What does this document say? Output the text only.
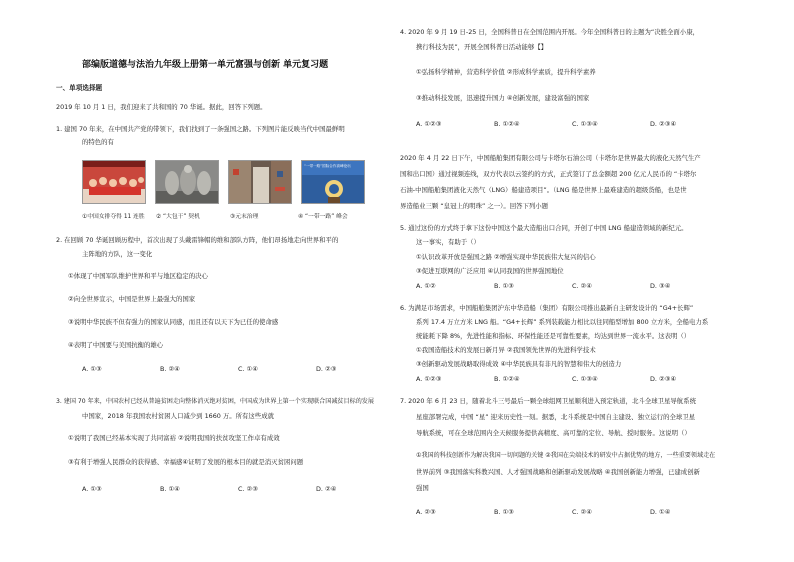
部编版道德与法治九年级上册第一单元富强与创新 单元复习题
一、单项选择题
2019 年 10 月 1 日，我们迎来了共和国的 70 华诞。据此，回答下列题。
1. 建国 70 年来，在中国共产党的带领下，我们找到了一条强国之路。下列图片能反映当代中国最鲜明
的特色的有
“一带一路”国际合作高峰论坛
①中国女排夺得 11 连胜 ② “大包干” 契机	③元末治理	④ “一带一路” 峰会
2. 在回顾 70 华诞回顾历程中，首次出现了头戴雷锋帽的维和部队方阵，他们昂扬地走向世界和平的
主阵地的方队，这一变化
①体现了中国军队维护世界和平与地区稳定的决心
②向全世界宣示，中国是世界上最强大的国家
③说明中华民族不但有强力的国家认同感，而且还有以天下为已任的使命感
④表明了中国要与美国抗衡的雄心
A. ①③	B. ②④	C. ①④	D. ②③
3. 建国 70 年来，中国农村已经从普遍贫困走向整体消灭绝对贫困，中国成为世界上第一个实现联合国减贫目标的发展
中国家，2018 年我国农村贫困人口减少到 1660 万。所有这些成就
①说明了我国已经基本实现了共同富裕 ②说明我国的扶贫攻坚工作卓有成效
③有利于增强人民群众的获得感、幸福感④证明了发展的根本目的就是消灭贫困问题
A. ①③	B. ①④	C. ②③	D. ②④
4. 2020 年 9 月 19 日-25 日，全国科普日在全国范围内开展。今年全国科普日的主题为“决胜全面小康，
携行科技为民”，开展全国科普日活动能够【】
①弘扬科学精神，营造科学价值 ②形成科学素质，提升科学素养
③推动科技发展，迅速提升国力 ④创新发展，建设富强的国家
A. ①②③	B. ①②④	C. ①③④	D. ②③④
2020 年 4 月 22 日下午，中国船舶集团有限公司与卡塔尔石油公司（卡塔尔是世界最大的液化天然气生产
国和出口国）通过视频连线，双方代表以云签约的方式，正式签订了总金额超 200 亿元人民币的 “卡塔尔
石油-中国船舶集团液化天然气（LNG）船建造项目”。（LNG 船是世界上最难建造的超级货船，也是世
界造船业三颗 “皇冠上的明珠” 之一）。回答下列小题
5. 通过这份的方式终于拿下这份中国这个最大造船出口合同，开创了中国 LNG 船建造领域的新纪元。
这一事实，有助于（）
①认识改革开放是强国之路 ②增强实现中华民族伟大复兴的信心
③促进互联网的广泛应用 ④认同我国的世界强国地位
A. ①②	B. ①③	C. ②④	D. ③④
6. 为满足市场需求，中国船舶集团沪东中华造船（集团）有限公司推出最新自主研发设计的 “G4+长辉”
系列 17.4 万立方米 LNG 船。“G4+长辉” 系列装载能力相比以往同船型增加 800 立方米，全船电力系
统能耗下降 8%，先进性能和指标、环保性能还是可靠性要素，均达到世界一流水平。这表明（）
①我国造船技术的发展日新月异 ②我国领先世界的先进科学技术
③创新驱动发展战略取得成效 ④中华民族具有非凡的智慧和伟大的创造力
A. ①②③	B. ①②④	C. ①③④	D. ②③④
7. 2020 年 6 月 23 日，随着北斗三号最后一颗全球组网卫星顺利进入预定轨道，北斗全球卫星导航系统
星座部署完成，中国 “星” 迎来历史性一刻。据悉，北斗系统是中国自主建设、独立运行的全球卫星
导航系统，可在全球范围内全天候服务提供高精度、高可靠的定位、导航、授时服务。这说明（）
①我国的科技创新作为解决我国一切问题的关键 ②我国在尖端技术的研发中占据优势的地方，一些重要领域走在
世界前列 ③我国落实科教兴国、人才强国战略和创新驱动发展战略 ④我国创新能力增强，已建成创新
强国
A. ②③	B. ①③	C. ②④	D. ①④
